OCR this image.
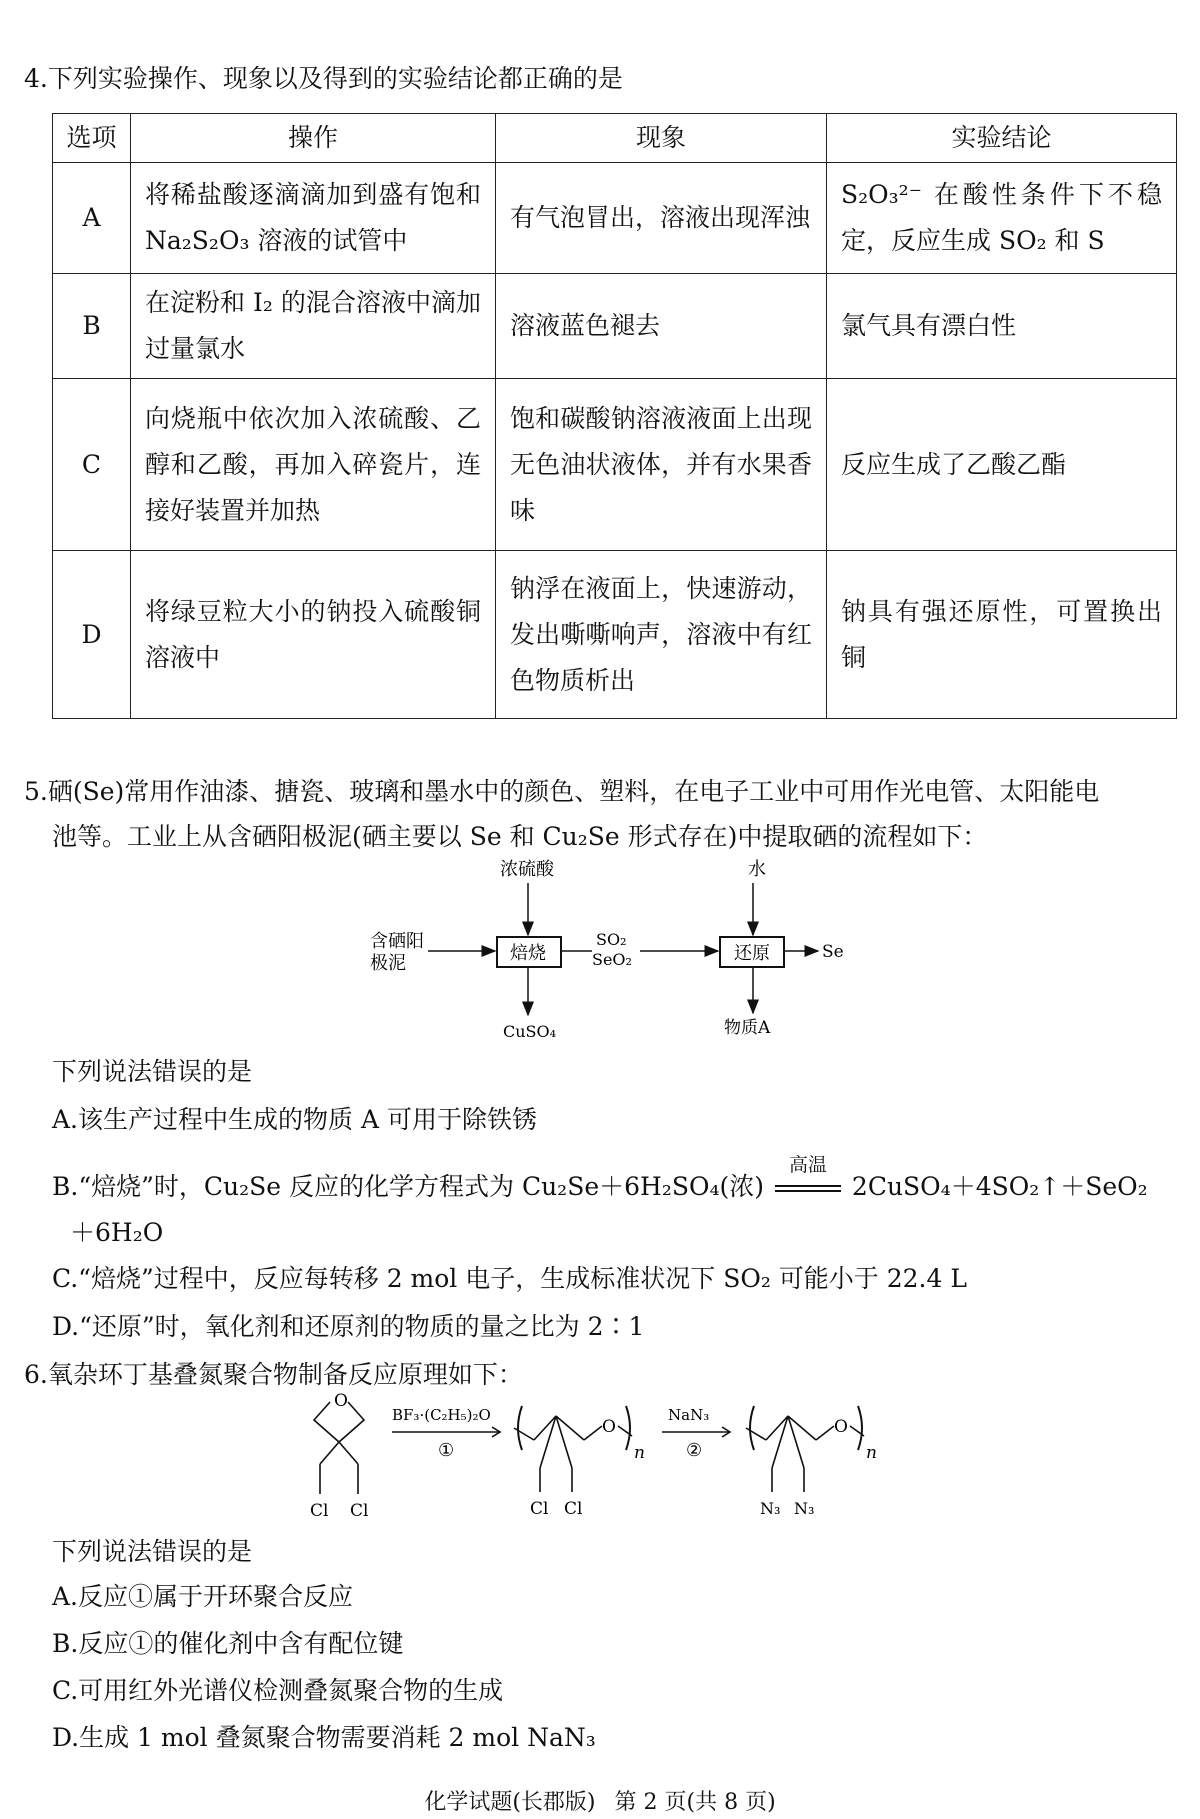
4.下列实验操作、现象以及得到的实验结论都正确的是
选项	操作	现象	实验结论
A	将稀盐酸逐滴滴加到盛有饱和 Na₂S₂O₃ 溶液的试管中	有气泡冒出，溶液出现浑浊	S₂O₃²⁻ 在酸性条件下不稳定，反应生成 SO₂ 和 S
B	在淀粉和 I₂ 的混合溶液中滴加过量氯水	溶液蓝色褪去	氯气具有漂白性
C	向烧瓶中依次加入浓硫酸、乙醇和乙酸，再加入碎瓷片，连接好装置并加热	饱和碳酸钠溶液液面上出现无色油状液体，并有水果香味	反应生成了乙酸乙酯
D	将绿豆粒大小的钠投入硫酸铜溶液中	钠浮在液面上，快速游动，发出嘶嘶响声，溶液中有红色物质析出	钠具有强还原性，可置换出铜
5.硒(Se)常用作油漆、搪瓷、玻璃和墨水中的颜色、塑料，在电子工业中可用作光电管、太阳能电
池等。工业上从含硒阳极泥(硒主要以 Se 和 Cu₂Se 形式存在)中提取硒的流程如下：
含硒阳
极泥
浓硫酸
焙烧
CuSO₄
SO₂
SeO₂
水
还原	Se
物质A
下列说法错误的是
A.该生产过程中生成的物质 A 可用于除铁锈
B.“焙烧”时，Cu₂Se 反应的化学方程式为 Cu₂Se＋6H₂SO₄(浓)
高温
2CuSO₄＋4SO₂↑＋SeO₂
＋6H₂O
C.“焙烧”过程中，反应每转移 2 mol 电子，生成标准状况下 SO₂ 可能小于 22.4 L
D.“还原”时，氧化剂和还原剂的物质的量之比为 2∶1
6.氧杂环丁基叠氮聚合物制备反应原理如下：
O
Cl Cl
BF₃·(C₂H₅)₂O
①
O
n
Cl Cl
NaN₃
②
O
n
N₃ N₃
下列说法错误的是
A.反应①属于开环聚合反应
B.反应①的催化剂中含有配位键
C.可用红外光谱仪检测叠氮聚合物的生成
D.生成 1 mol 叠氮聚合物需要消耗 2 mol NaN₃
化学试题(长郡版) 第 2 页(共 8 页)
